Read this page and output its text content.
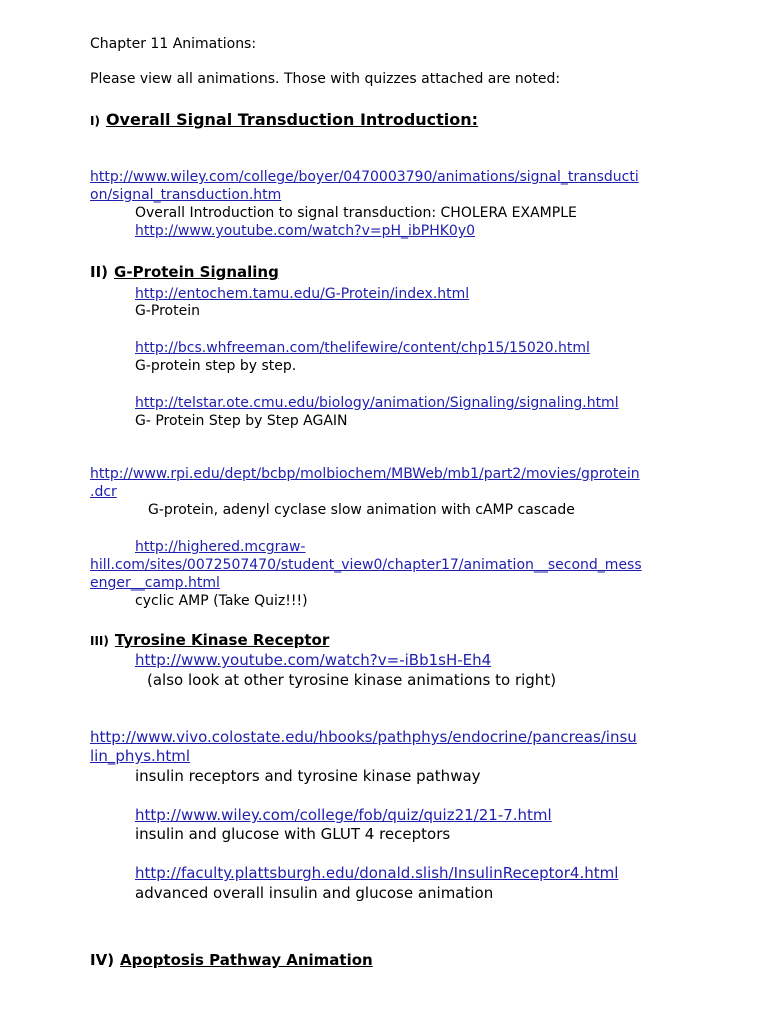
Chapter 11 Animations:
Please view all animations. Those with quizzes attached are noted:
I) Overall Signal Transduction Introduction:
http://www.wiley.com/college/boyer/0470003790/animations/signal_transducti
on/signal_transduction.htm
Overall Introduction to signal transduction: CHOLERA EXAMPLE
http://www.youtube.com/watch?v=pH_ibPHK0y0
II) G-Protein Signaling
http://entochem.tamu.edu/G-Protein/index.html
G-Protein
http://bcs.whfreeman.com/thelifewire/content/chp15/15020.html
G-protein step by step.
http://telstar.ote.cmu.edu/biology/animation/Signaling/signaling.html
G- Protein Step by Step AGAIN
http://www.rpi.edu/dept/bcbp/molbiochem/MBWeb/mb1/part2/movies/gprotein
.dcr
G-protein, adenyl cyclase slow animation with cAMP cascade
http://highered.mcgraw-
hill.com/sites/0072507470/student_view0/chapter17/animation__second_mess
enger__camp.html
cyclic AMP (Take Quiz!!!)
III) Tyrosine Kinase Receptor
http://www.youtube.com/watch?v=-iBb1sH-Eh4
(also look at other tyrosine kinase animations to right)
http://www.vivo.colostate.edu/hbooks/pathphys/endocrine/pancreas/insu
lin_phys.html
insulin receptors and tyrosine kinase pathway
http://www.wiley.com/college/fob/quiz/quiz21/21-7.html
insulin and glucose with GLUT 4 receptors
http://faculty.plattsburgh.edu/donald.slish/InsulinReceptor4.html
advanced overall insulin and glucose animation
IV) Apoptosis Pathway Animation
